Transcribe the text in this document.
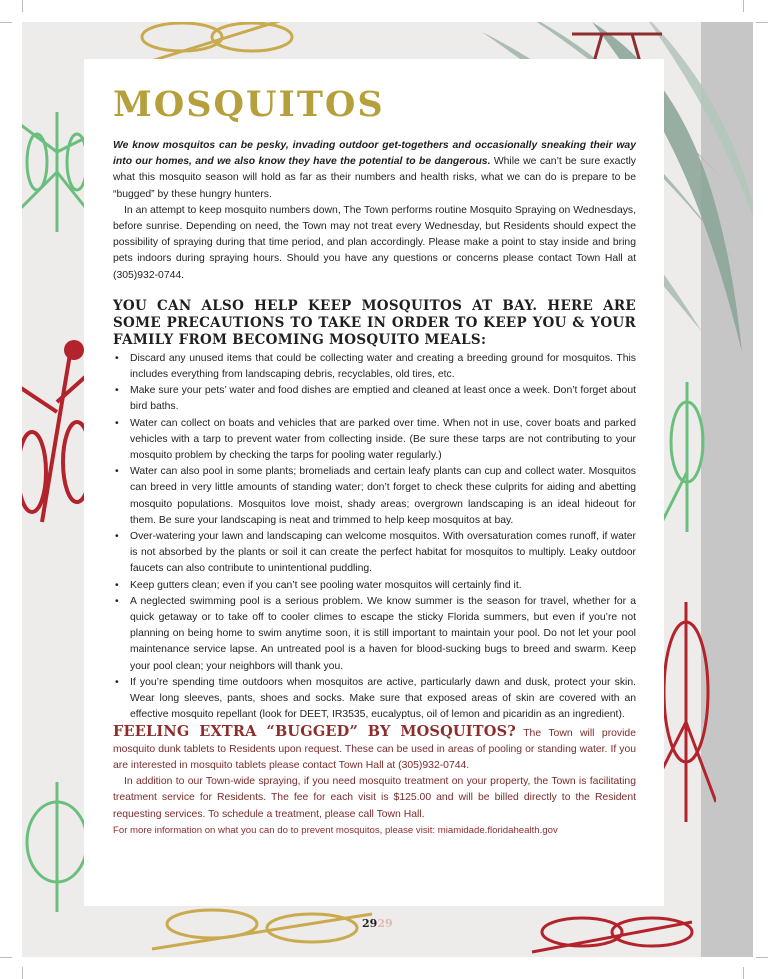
MOSQUITOS

We know mosquitos can be pesky, invading outdoor get-togethers and occasionally sneaking their way into our homes, and we also know they have the potential to be dangerous. While we can’t be sure exactly what this mosquito season will hold as far as their numbers and health risks, what we can do is prepare to be “bugged” by these hungry hunters.

In an attempt to keep mosquito numbers down, The Town performs routine Mosquito Spraying on Wednesdays, before sunrise. Depending on need, the Town may not treat every Wednesday, but Residents should expect the possibility of spraying during that time period, and plan accordingly. Please make a point to stay inside and bring pets indoors during spraying hours. Should you have any questions or concerns please contact Town Hall at (305)932-0744.

YOU CAN ALSO HELP KEEP MOSQUITOS AT BAY. HERE ARE SOME PRECAUTIONS TO TAKE IN ORDER TO KEEP YOU & YOUR FAMILY FROM BECOMING MOSQUITO MEALS:
• Discard any unused items that could be collecting water and creating a breeding ground for mosquitos. This includes everything from landscaping debris, recyclables, old tires, etc.
• Make sure your pets’ water and food dishes are emptied and cleaned at least once a week. Don’t forget about bird baths.
• Water can collect on boats and vehicles that are parked over time. When not in use, cover boats and parked vehicles with a tarp to prevent water from collecting inside. (Be sure these tarps are not contributing to your mosquito problem by checking the tarps for pooling water regularly.)
• Water can also pool in some plants; bromeliads and certain leafy plants can cup and collect water. Mosquitos can breed in very little amounts of standing water; don’t forget to check these culprits for aiding and abetting mosquito populations. Mosquitos love moist, shady areas; overgrown landscaping is an ideal hideout for them. Be sure your landscaping is neat and trimmed to help keep mosquitos at bay.
• Over-watering your lawn and landscaping can welcome mosquitos. With oversaturation comes runoff, if water is not absorbed by the plants or soil it can create the perfect habitat for mosquitos to multiply. Leaky outdoor faucets can also contribute to unintentional puddling.
• Keep gutters clean; even if you can’t see pooling water mosquitos will certainly find it.
• A neglected swimming pool is a serious problem. We know summer is the season for travel, whether for a quick getaway or to take off to cooler climes to escape the sticky Florida summers, but even if you’re not planning on being home to swim anytime soon, it is still important to maintain your pool. Do not let your pool maintenance service lapse. An untreated pool is a haven for blood-sucking bugs to breed and swarm. Keep your pool clean; your neighbors will thank you.
• If you’re spending time outdoors when mosquitos are active, particularly dawn and dusk, protect your skin. Wear long sleeves, pants, shoes and socks. Make sure that exposed areas of skin are covered with an effective mosquito repellant (look for DEET, IR3535, eucalyptus, oil of lemon and picaridin as an ingredient).

FEELING EXTRA “BUGGED” BY MOSQUITOS? The Town will provide mosquito dunk tablets to Residents upon request. These can be used in areas of pooling or standing water. If you are interested in mosquito tablets please contact Town Hall at (305)932-0744.

In addition to our Town-wide spraying, if you need mosquito treatment on your property, the Town is facilitating treatment service for Residents. The fee for each visit is $125.00 and will be billed directly to the Resident requesting services. To schedule a treatment, please call Town Hall.

For more information on what you can do to prevent mosquitos, please visit: miamidade.floridahealth.gov

2929
